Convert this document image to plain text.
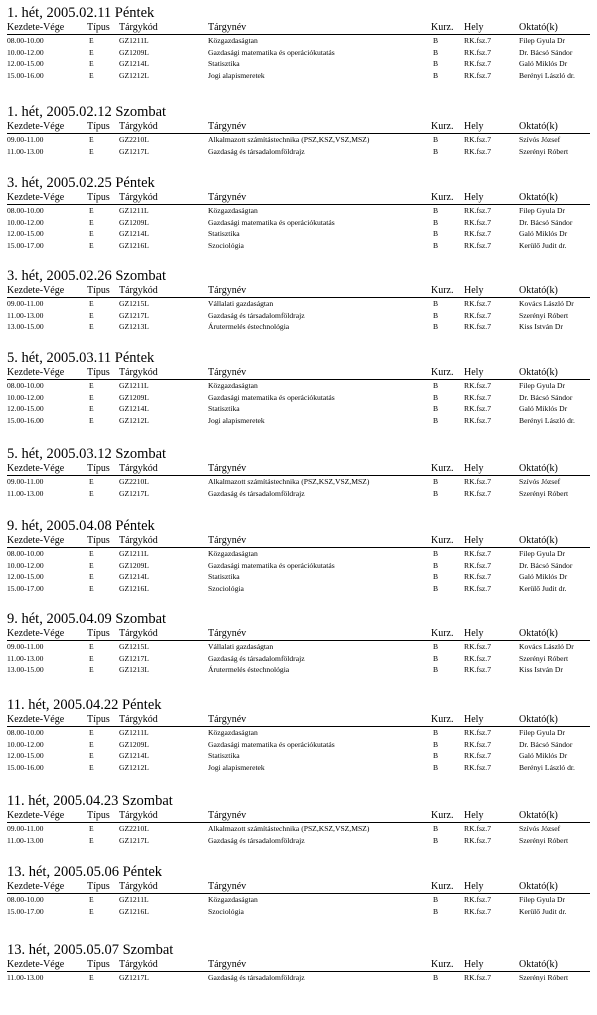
1. hét, 2005.02.11 Péntek
Kezdete-Vége Típus Tárgykód	Tárgynév	Kurz. Hely	Oktató(k)
08.00-10.00	E	GZ1211L	Közgazdaságtan	B	RK.fsz.7	Filep Gyula Dr
10.00-12.00	E	GZ1209L	Gazdasági matematika és operációkutatás	B	RK.fsz.7	Dr. Bácsó Sándor
12.00-15.00	E	GZ1214L	Statisztika	B	RK.fsz.7	Galó Miklós Dr
15.00-16.00	E	GZ1212L	Jogi alapismeretek	B	RK.fsz.7	Berényi László dr.
1. hét, 2005.02.12 Szombat
Kezdete-Vége Típus Tárgykód	Tárgynév	Kurz. Hely	Oktató(k)
09.00-11.00	E	GZ2210L	Alkalmazott számítástechnika (PSZ,KSZ,VSZ,MSZ)	B	RK.fsz.7	Szívós József
11.00-13.00	E	GZ1217L	Gazdaság és társadalomföldrajz	B	RK.fsz.7	Szerényi Róbert
3. hét, 2005.02.25 Péntek
Kezdete-Vége Típus Tárgykód	Tárgynév	Kurz. Hely	Oktató(k)
08.00-10.00	E	GZ1211L	Közgazdaságtan	B	RK.fsz.7	Filep Gyula Dr
10.00-12.00	E	GZ1209L	Gazdasági matematika és operációkutatás	B	RK.fsz.7	Dr. Bácsó Sándor
12.00-15.00	E	GZ1214L	Statisztika	B	RK.fsz.7	Galó Miklós Dr
15.00-17.00	E	GZ1216L	Szociológia	B	RK.fsz.7	Kerülő Judit dr.
3. hét, 2005.02.26 Szombat
Kezdete-Vége Típus Tárgykód	Tárgynév	Kurz. Hely	Oktató(k)
09.00-11.00	E	GZ1215L	Vállalati gazdaságtan	B	RK.fsz.7	Kovács László Dr
11.00-13.00	E	GZ1217L	Gazdaság és társadalomföldrajz	B	RK.fsz.7	Szerényi Róbert
13.00-15.00	E	GZ1213L	Árutermelés éstechnológia	B	RK.fsz.7	Kiss István Dr
5. hét, 2005.03.11 Péntek
Kezdete-Vége Típus Tárgykód	Tárgynév	Kurz. Hely	Oktató(k)
08.00-10.00	E	GZ1211L	Közgazdaságtan	B	RK.fsz.7	Filep Gyula Dr
10.00-12.00	E	GZ1209L	Gazdasági matematika és operációkutatás	B	RK.fsz.7	Dr. Bácsó Sándor
12.00-15.00	E	GZ1214L	Statisztika	B	RK.fsz.7	Galó Miklós Dr
15.00-16.00	E	GZ1212L	Jogi alapismeretek	B	RK.fsz.7	Berényi László dr.
5. hét, 2005.03.12 Szombat
Kezdete-Vége Típus Tárgykód	Tárgynév	Kurz. Hely	Oktató(k)
09.00-11.00	E	GZ2210L	Alkalmazott számítástechnika (PSZ,KSZ,VSZ,MSZ)	B	RK.fsz.7	Szívós József
11.00-13.00	E	GZ1217L	Gazdaság és társadalomföldrajz	B	RK.fsz.7	Szerényi Róbert
9. hét, 2005.04.08 Péntek
Kezdete-Vége Típus Tárgykód	Tárgynév	Kurz. Hely	Oktató(k)
08.00-10.00	E	GZ1211L	Közgazdaságtan	B	RK.fsz.7	Filep Gyula Dr
10.00-12.00	E	GZ1209L	Gazdasági matematika és operációkutatás	B	RK.fsz.7	Dr. Bácsó Sándor
12.00-15.00	E	GZ1214L	Statisztika	B	RK.fsz.7	Galó Miklós Dr
15.00-17.00	E	GZ1216L	Szociológia	B	RK.fsz.7	Kerülő Judit dr.
9. hét, 2005.04.09 Szombat
Kezdete-Vége Típus Tárgykód	Tárgynév	Kurz. Hely	Oktató(k)
09.00-11.00	E	GZ1215L	Vállalati gazdaságtan	B	RK.fsz.7	Kovács László Dr
11.00-13.00	E	GZ1217L	Gazdaság és társadalomföldrajz	B	RK.fsz.7	Szerényi Róbert
13.00-15.00	E	GZ1213L	Árutermelés éstechnológia	B	RK.fsz.7	Kiss István Dr
11. hét, 2005.04.22 Péntek
Kezdete-Vége Típus Tárgykód	Tárgynév	Kurz. Hely	Oktató(k)
08.00-10.00	E	GZ1211L	Közgazdaságtan	B	RK.fsz.7	Filep Gyula Dr
10.00-12.00	E	GZ1209L	Gazdasági matematika és operációkutatás	B	RK.fsz.7	Dr. Bácsó Sándor
12.00-15.00	E	GZ1214L	Statisztika	B	RK.fsz.7	Galó Miklós Dr
15.00-16.00	E	GZ1212L	Jogi alapismeretek	B	RK.fsz.7	Berényi László dr.
11. hét, 2005.04.23 Szombat
Kezdete-Vége Típus Tárgykód	Tárgynév	Kurz. Hely	Oktató(k)
09.00-11.00	E	GZ2210L	Alkalmazott számítástechnika (PSZ,KSZ,VSZ,MSZ)	B	RK.fsz.7	Szívós József
11.00-13.00	E	GZ1217L	Gazdaság és társadalomföldrajz	B	RK.fsz.7	Szerényi Róbert
13. hét, 2005.05.06 Péntek
Kezdete-Vége Típus Tárgykód	Tárgynév	Kurz. Hely	Oktató(k)
08.00-10.00	E	GZ1211L	Közgazdaságtan	B	RK.fsz.7	Filep Gyula Dr
15.00-17.00	E	GZ1216L	Szociológia	B	RK.fsz.7	Kerülő Judit dr.
13. hét, 2005.05.07 Szombat
Kezdete-Vége Típus Tárgykód	Tárgynév	Kurz. Hely	Oktató(k)
11.00-13.00	E	GZ1217L	Gazdaság és társadalomföldrajz	B	RK.fsz.7	Szerényi Róbert
